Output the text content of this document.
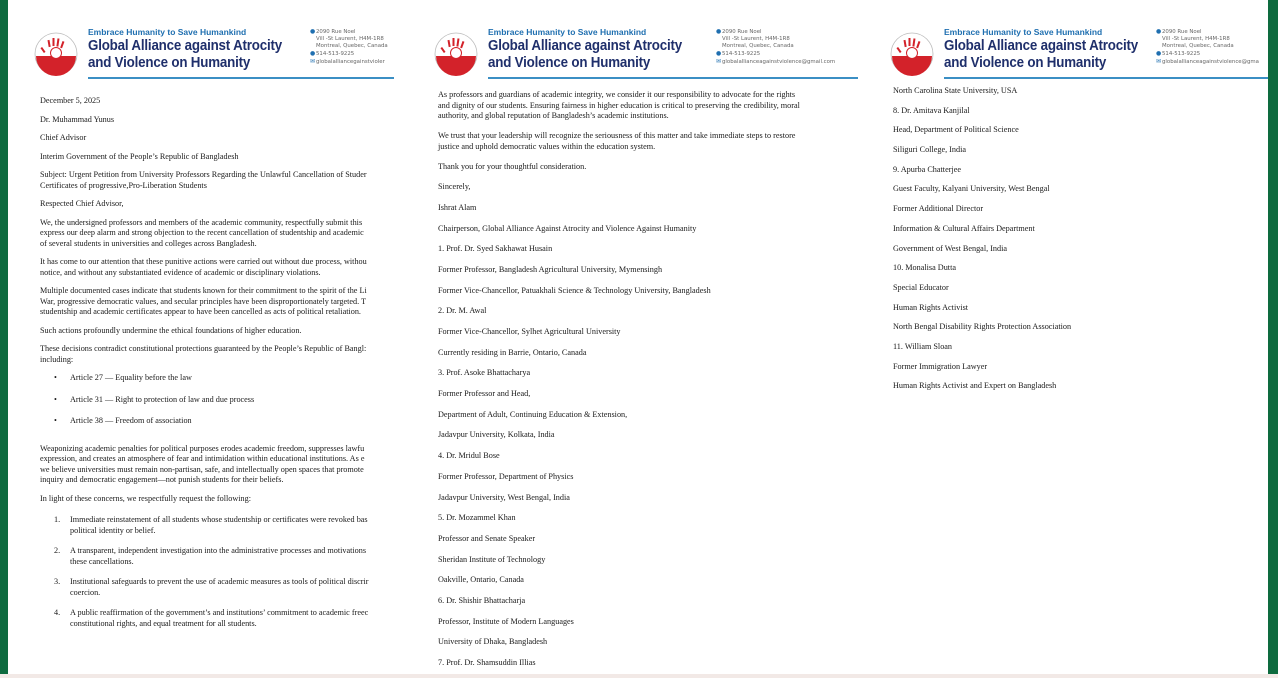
Embrace Humanity to Save Humankind
Global Alliance against Atrocity
and Violence on Humanity
●2090 Rue Noel
Vill -St Laurent, H4M-1R8
Montreal, Quebec, Canada
●514-513-9225
✉globalalliancegainstvioler

December 5, 2025

Dr. Muhammad Yunus

Chief Advisor

Interim Government of the People’s Republic of Bangladesh

Subject: Urgent Petition from University Professors Regarding the Unlawful Cancellation of Studer
Certificates of progressive,Pro-Liberation Students

Respected Chief Advisor,

We, the undersigned professors and members of the academic community, respectfully submit this
express our deep alarm and strong objection to the recent cancellation of studentship and academic
of several students in universities and colleges across Bangladesh.

It has come to our attention that these punitive actions were carried out without due process, withou
notice, and without any substantiated evidence of academic or disciplinary violations.

Multiple documented cases indicate that students known for their commitment to the spirit of the Li
War, progressive democratic values, and secular principles have been disproportionately targeted. T
studentship and academic certificates appear to have been cancelled as acts of political retaliation.

Such actions profoundly undermine the ethical foundations of higher education.

These decisions contradict constitutional protections guaranteed by the People’s Republic of Bangl:
including:

• Article 27 — Equality before the law
• Article 31 — Right to protection of law and due process
• Article 38 — Freedom of association

Weaponizing academic penalties for political purposes erodes academic freedom, suppresses lawfu
expression, and creates an atmosphere of fear and intimidation within educational institutions. As e
we believe universities must remain non-partisan, safe, and intellectually open spaces that promote
inquiry and democratic engagement—not punish students for their beliefs.

In light of these concerns, we respectfully request the following:

1. Immediate reinstatement of all students whose studentship or certificates were revoked bas
political identity or belief.
2. A transparent, independent investigation into the administrative processes and motivations
these cancellations.
3. Institutional safeguards to prevent the use of academic measures as tools of political discrir
coercion.
4. A public reaffirmation of the government’s and institutions’ commitment to academic freec
constitutional rights, and equal treatment for all students.
Embrace Humanity to Save Humankind
Global Alliance against Atrocity
and Violence on Humanity
●2090 Rue Noel
Vill -St Laurent, H4M-1R8
Montreal, Quebec, Canada
●514-513-9225
✉globalallianceagainstviolence@gmail.com

As professors and guardians of academic integrity, we consider it our responsibility to advocate for the rights
and dignity of our students. Ensuring fairness in higher education is critical to preserving the credibility, moral
authority, and global reputation of Bangladesh’s academic institutions.

We trust that your leadership will recognize the seriousness of this matter and take immediate steps to restore
justice and uphold democratic values within the education system.

Thank you for your thoughtful consideration.

Sincerely,

Ishrat Alam

Chairperson, Global Alliance Against Atrocity and Violence Against Humanity

1. Prof. Dr. Syed Sakhawat Husain

Former Professor, Bangladesh Agricultural University, Mymensingh

Former Vice-Chancellor, Patuakhali Science & Technology University, Bangladesh

2. Dr. M. Awal

Former Vice-Chancellor, Sylhet Agricultural University

Currently residing in Barrie, Ontario, Canada

3. Prof. Asoke Bhattacharya

Former Professor and Head,

Department of Adult, Continuing Education & Extension,

Jadavpur University, Kolkata, India

4. Dr. Mridul Bose

Former Professor, Department of Physics

Jadavpur University, West Bengal, India

5. Dr. Mozammel Khan

Professor and Senate Speaker

Sheridan Institute of Technology

Oakville, Ontario, Canada

6. Dr. Shishir Bhattacharja

Professor, Institute of Modern Languages

University of Dhaka, Bangladesh

7. Prof. Dr. Shamsuddin Illias

Embrace Humanity to Save Humankind
Global Alliance against Atrocity
and Violence on Humanity
●2090 Rue Noel
Vill -St Laurent, H4M-1R8
Montreal, Quebec, Canada
●514-513-9225
✉globalallianceagainstviolence@gma

North Carolina State University, USA

8. Dr. Amitava Kanjilal

Head, Department of Political Science

Siliguri College, India

9. Apurba Chatterjee

Guest Faculty, Kalyani University, West Bengal

Former Additional Director

Information & Cultural Affairs Department

Government of West Bengal, India

10. Monalisa Dutta

Special Educator

Human Rights Activist

North Bengal Disability Rights Protection Association

11. William Sloan

Former Immigration Lawyer

Human Rights Activist and Expert on Bangladesh
